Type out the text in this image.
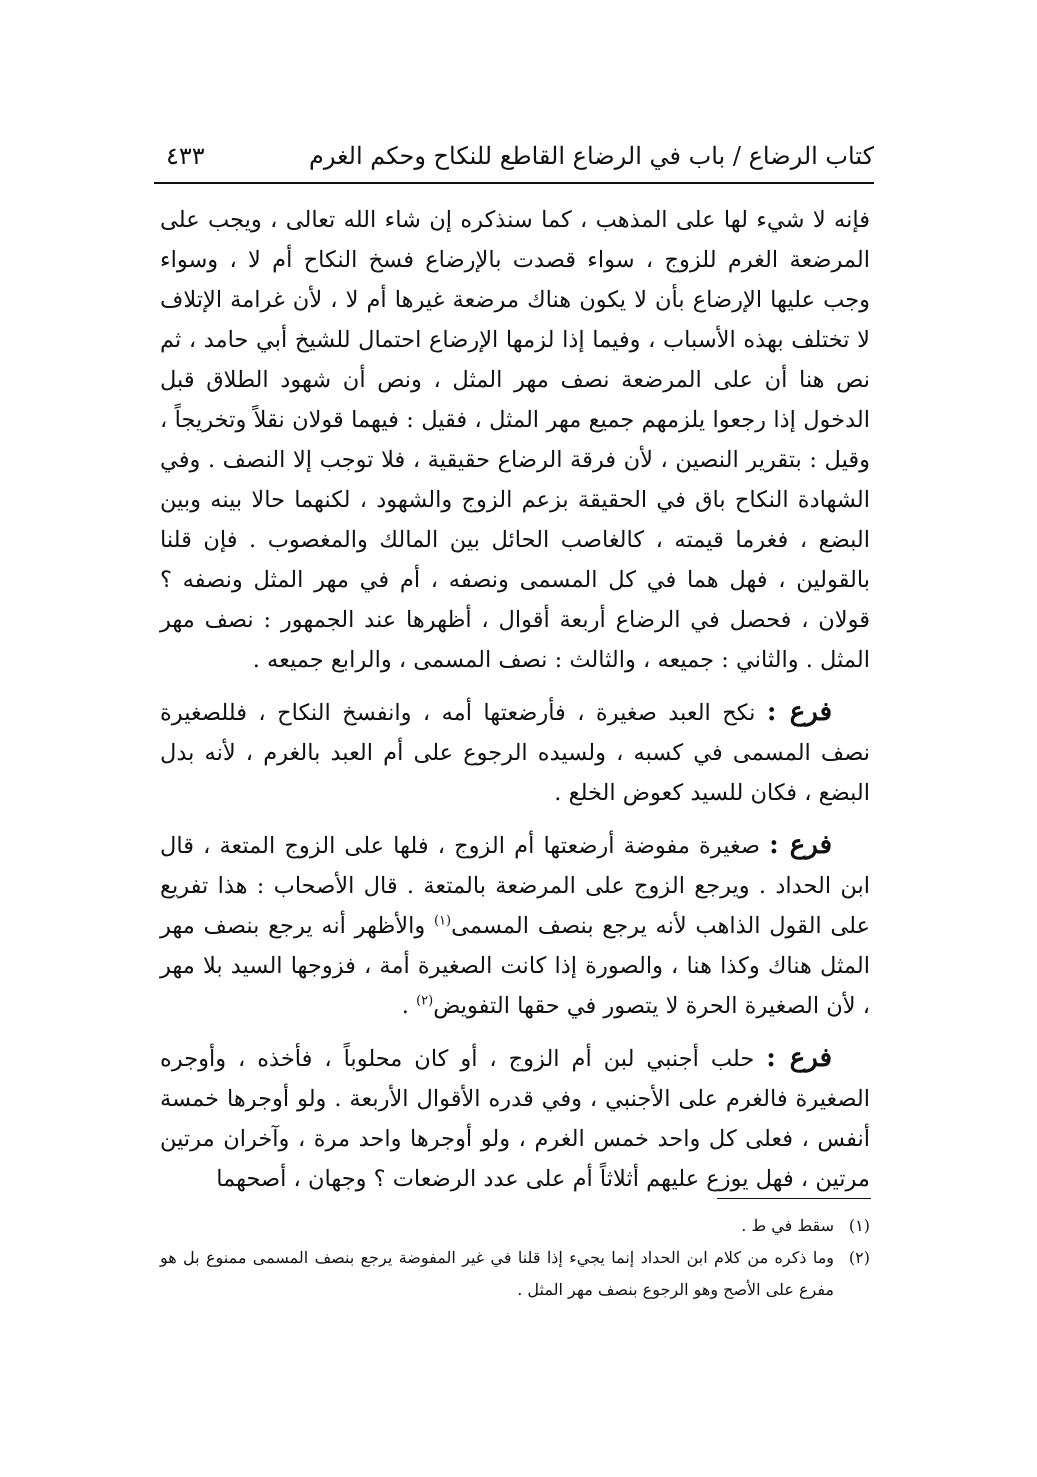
كتاب الرضاع / باب في الرضاع القاطع للنكاح وحكم الغرم
٤٣٣

فإنه لا شيء لها على المذهب ، كما سنذكره إن شاء الله تعالى ، ويجب على المرضعة الغرم للزوج ، سواء قصدت بالإرضاع فسخ النكاح أم لا ، وسواء وجب عليها الإرضاع بأن لا يكون هناك مرضعة غيرها أم لا ، لأن غرامة الإتلاف لا تختلف بهذه الأسباب ، وفيما إذا لزمها الإرضاع احتمال للشيخ أبي حامد ، ثم نص هنا أن على المرضعة نصف مهر المثل ، ونص أن شهود الطلاق قبل الدخول إذا رجعوا يلزمهم جميع مهر المثل ، فقيل : فيهما قولان نقلاً وتخريجاً ، وقيل : بتقرير النصين ، لأن فرقة الرضاع حقيقية ، فلا توجب إلا النصف . وفي الشهادة النكاح باق في الحقيقة بزعم الزوج والشهود ، لكنهما حالا بينه وبين البضع ، فغرما قيمته ، كالغاصب الحائل بين المالك والمغصوب . فإن قلنا بالقولين ، فهل هما في كل المسمى ونصفه ، أم في مهر المثل ونصفه ؟ قولان ، فحصل في الرضاع أربعة أقوال ، أظهرها عند الجمهور : نصف مهر المثل . والثاني : جميعه ، والثالث : نصف المسمى ، والرابع جميعه .

فرع : نكح العبد صغيرة ، فأرضعتها أمه ، وانفسخ النكاح ، فللصغيرة نصف المسمى في كسبه ، ولسيده الرجوع على أم العبد بالغرم ، لأنه بدل البضع ، فكان للسيد كعوض الخلع .

فرع : صغيرة مفوضة أرضعتها أم الزوج ، فلها على الزوج المتعة ، قال ابن الحداد . ويرجع الزوج على المرضعة بالمتعة . قال الأصحاب : هذا تفريع على القول الذاهب لأنه يرجع بنصف المسمى$^{(١)}$ والأظهر أنه يرجع بنصف مهر المثل هناك وكذا هنا ، والصورة إذا كانت الصغيرة أمة ، فزوجها السيد بلا مهر ، لأن الصغيرة الحرة لا يتصور في حقها التفويض$^{(٢)}$ .

فرع : حلب أجنبي لبن أم الزوج ، أو كان محلوباً ، فأخذه ، وأوجره الصغيرة فالغرم على الأجنبي ، وفي قدره الأقوال الأربعة . ولو أوجرها خمسة أنفس ، فعلى كل واحد خمس الغرم ، ولو أوجرها واحد مرة ، وآخران مرتين مرتين ، فهل يوزع عليهم أثلاثاً أم على عدد الرضعات ؟ وجهان ، أصحهما

(١)سقط في ط .

(٢)وما ذكره من كلام ابن الحداد إنما يجيء إذا قلنا في غير المفوضة يرجع بنصف المسمى ممنوع بل هو مفرع على الأصح وهو الرجوع بنصف مهر المثل .
